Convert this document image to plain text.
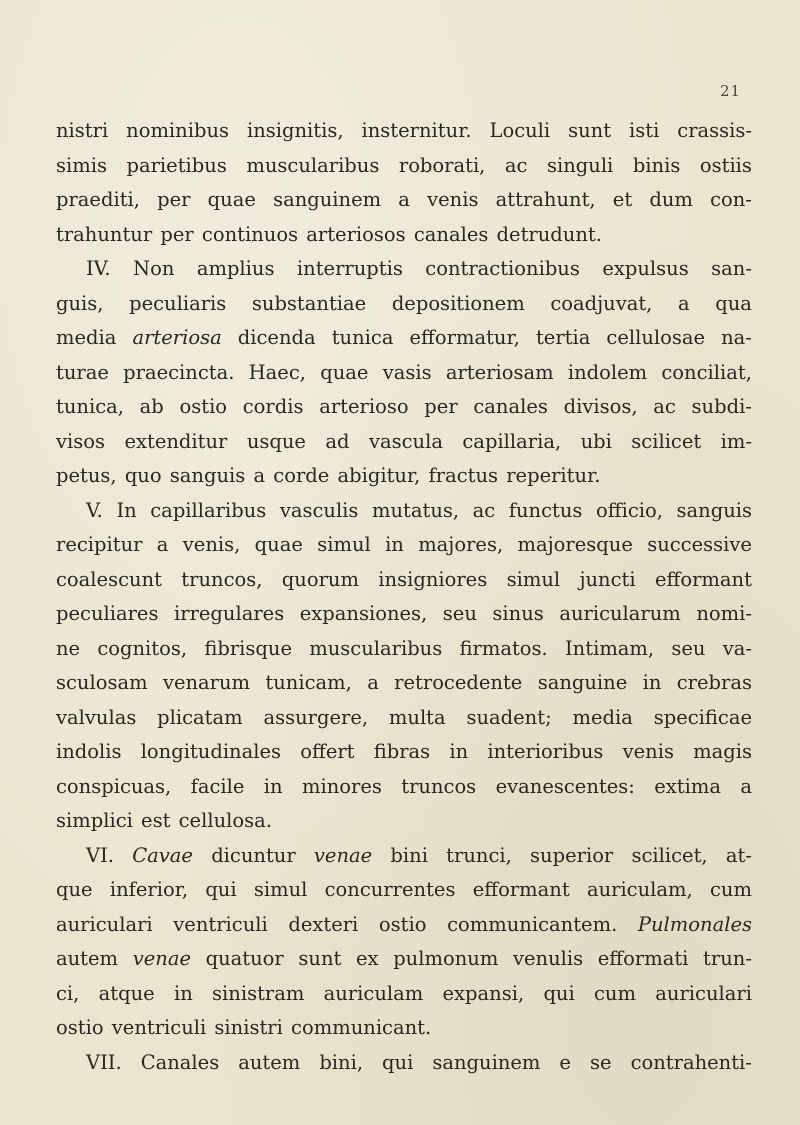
21
nistri nominibus insignitis, insternitur. Loculi sunt isti crassis-
simis parietibus muscularibus roborati, ac singuli binis ostiis
praediti, per quae sanguinem a venis attrahunt, et dum con-
trahuntur per continuos arteriosos canales detrudunt.
IV. Non amplius interruptis contractionibus expulsus san-
guis, peculiaris substantiae depositionem coadjuvat, a qua
media arteriosa dicenda tunica efformatur, tertia cellulosae na-
turae praecincta. Haec, quae vasis arteriosam indolem conciliat,
tunica, ab ostio cordis arterioso per canales divisos, ac subdi-
visos extenditur usque ad vascula capillaria, ubi scilicet im-
petus, quo sanguis a corde abigitur, fractus reperitur.
V. In capillaribus vasculis mutatus, ac functus officio, sanguis
recipitur a venis, quae simul in majores, majoresque successive
coalescunt truncos, quorum insigniores simul juncti efformant
peculiares irregulares expansiones, seu sinus auricularum nomi-
ne cognitos, fibrisque muscularibus firmatos. Intimam, seu va-
sculosam venarum tunicam, a retrocedente sanguine in crebras
valvulas plicatam assurgere, multa suadent; media specificae
indolis longitudinales offert fibras in interioribus venis magis
conspicuas, facile in minores truncos evanescentes: extima a
simplici est cellulosa.
VI. Cavae dicuntur venae bini trunci, superior scilicet, at-
que inferior, qui simul concurrentes efformant auriculam, cum
auriculari ventriculi dexteri ostio communicantem. Pulmonales
autem venae quatuor sunt ex pulmonum venulis efformati trun-
ci, atque in sinistram auriculam expansi, qui cum auriculari
ostio ventriculi sinistri communicant.
VII. Canales autem bini, qui sanguinem e se contrahenti-
